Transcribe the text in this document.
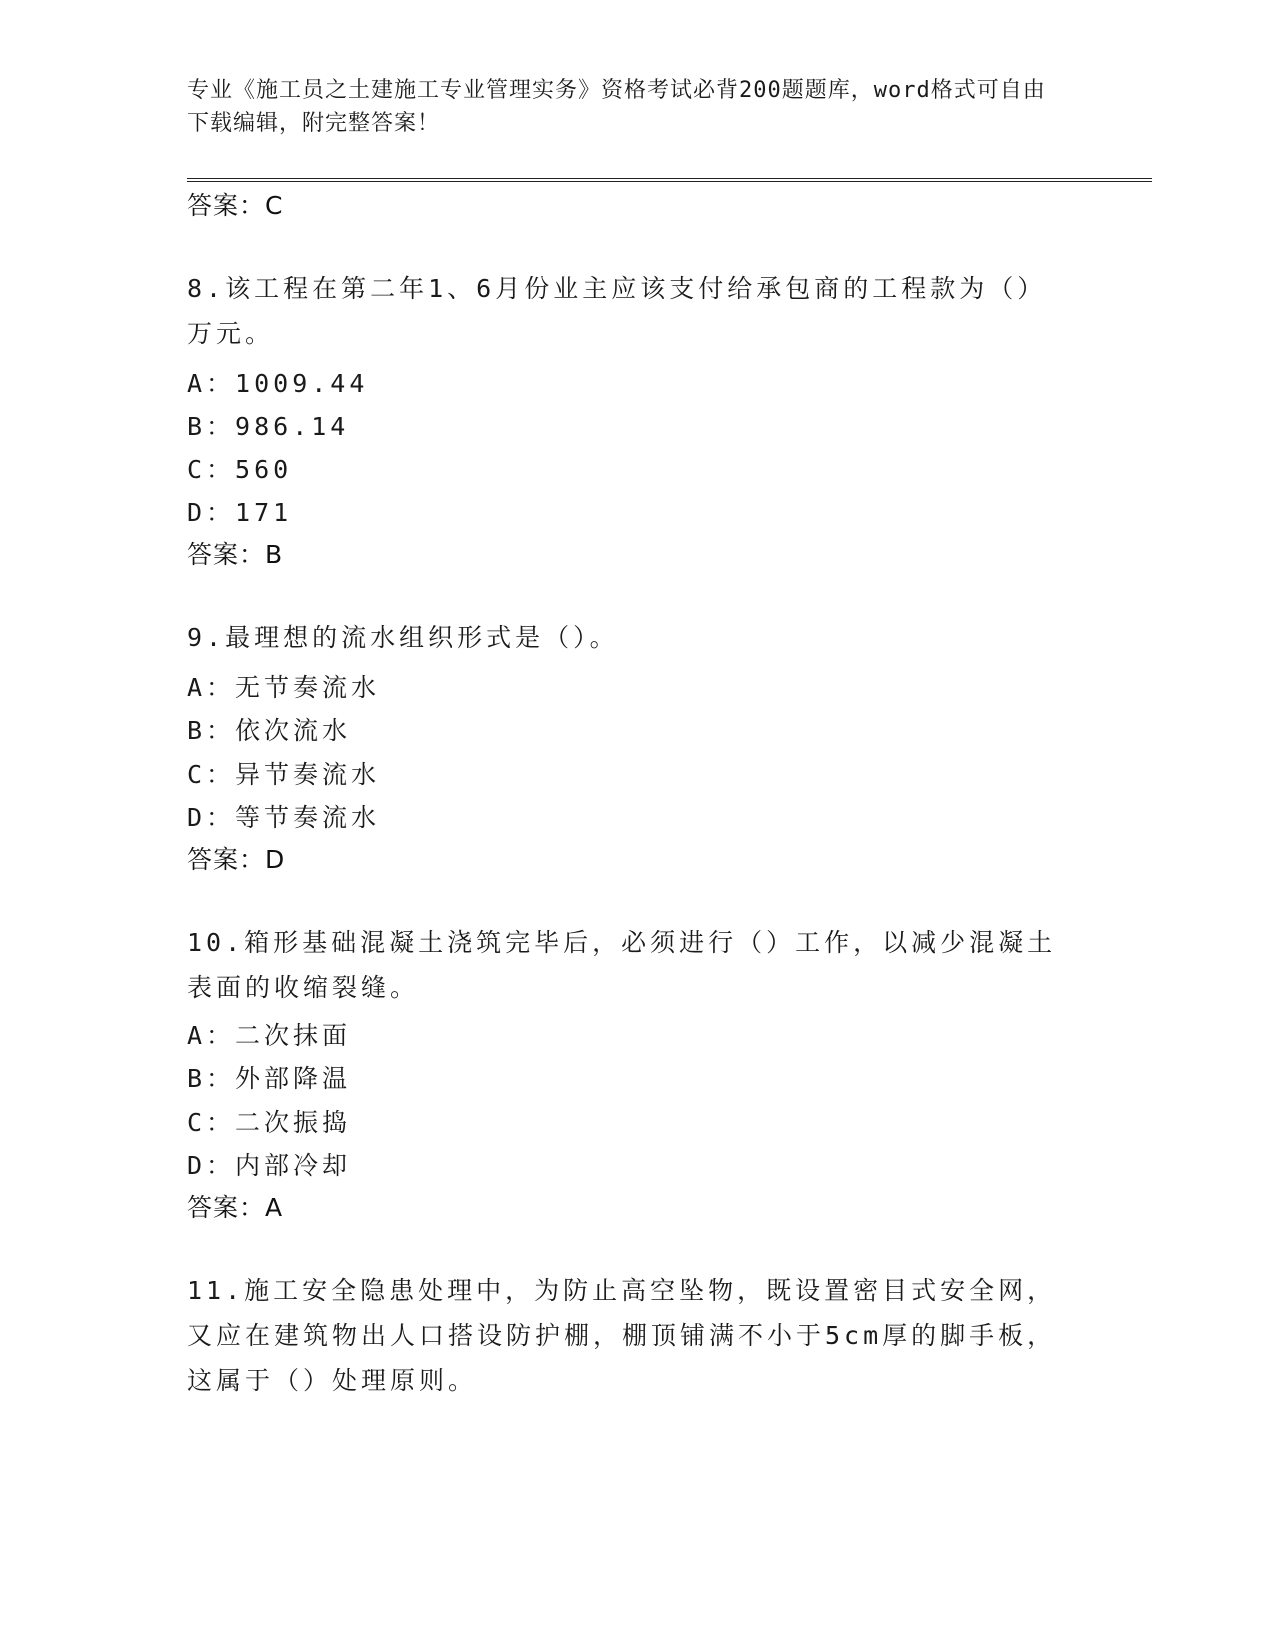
专业《施工员之土建施工专业管理实务》资格考试必背200题题库，word格式可自由下载编辑，附完整答案！
答案：C
8.该工程在第二年1、6月份业主应该支付给承包商的工程款为（）万元。
A：1009.44
B：986.14
C：560
D：171
答案：B
9.最理想的流水组织形式是（）。
A：无节奏流水
B：依次流水
C：异节奏流水
D：等节奏流水
答案：D
10.箱形基础混凝土浇筑完毕后，必须进行（）工作，以减少混凝土表面的收缩裂缝。
A：二次抹面
B：外部降温
C：二次振捣
D：内部冷却
答案：A
11.施工安全隐患处理中，为防止高空坠物，既设置密目式安全网，又应在建筑物出人口搭设防护棚，棚顶铺满不小于5cm厚的脚手板，这属于（）处理原则。
